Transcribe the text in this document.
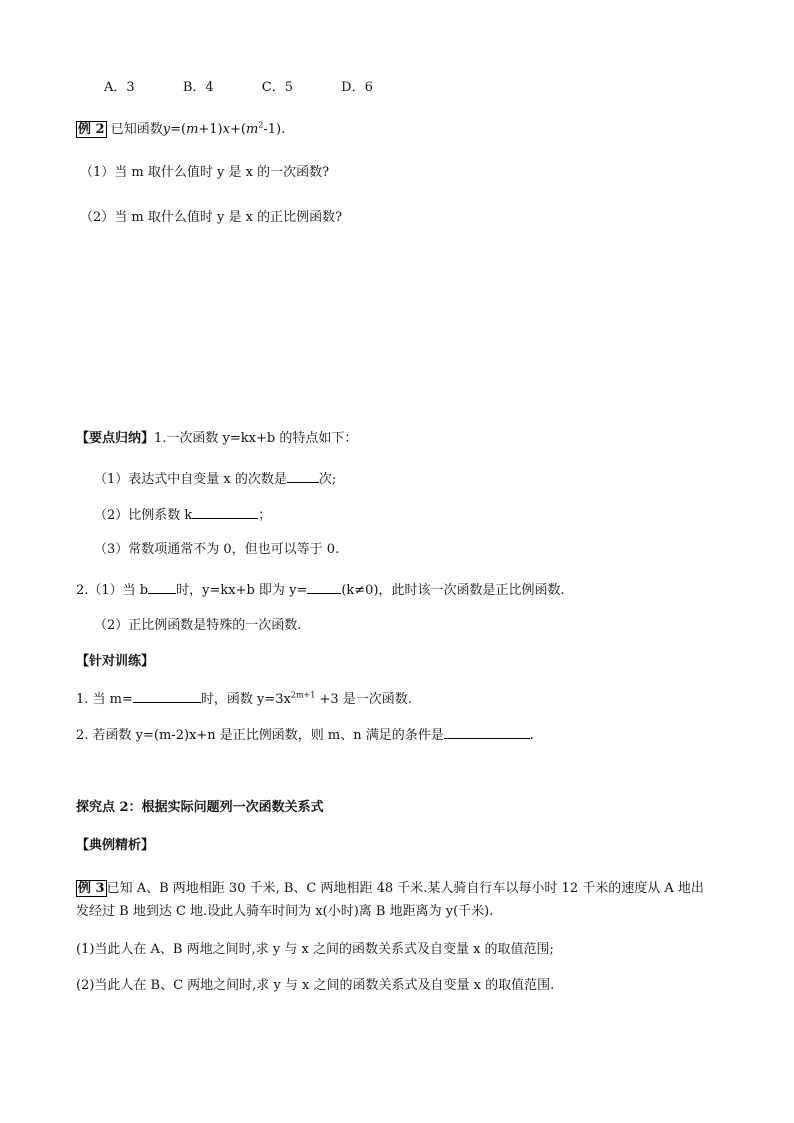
A．3	B．4	C．5	D．6
例 2 已知函数$y=(m+1)x+(m^2-1)$.
（1）当 m 取什么值时 y 是 x 的一次函数?
（2）当 m 取什么值时 y 是 x 的正比例函数?
【要点归纳】1.一次函数 y=kx+b 的特点如下：
（1）表达式中自变量 x 的次数是 次;
（2）比例系数 k	；
（3）常数项通常不为 0，但也可以等于 0.
2.（1）当 b 时，y=kx+b 即为 y=	(k≠0)，此时该一次函数是正比例函数.
（2）正比例函数是特殊的一次函数.
【针对训练】
1. 当 m=	时，函数 $y=3x^{2m+1} +3$ 是一次函数.
2. 若函数 y=(m-2)x+n 是正比例函数，则 m、n 满足的条件是	.
探究点 2：根据实际问题列一次函数关系式
【典例精析】
例 3 已知 A、B 两地相距 30 千米, B、C 两地相距 48 千米.某人骑自行车以每小时 12 千米的速度从 A 地出
发经过 B 地到达 C 地.设此人骑车时间为 x(小时)离 B 地距离为 y(千米).
(1)当此人在 A、B 两地之间时,求 y 与 x 之间的函数关系式及自变量 x 的取值范围;
(2)当此人在 B、C 两地之间时,求 y 与 x 之间的函数关系式及自变量 x 的取值范围.
